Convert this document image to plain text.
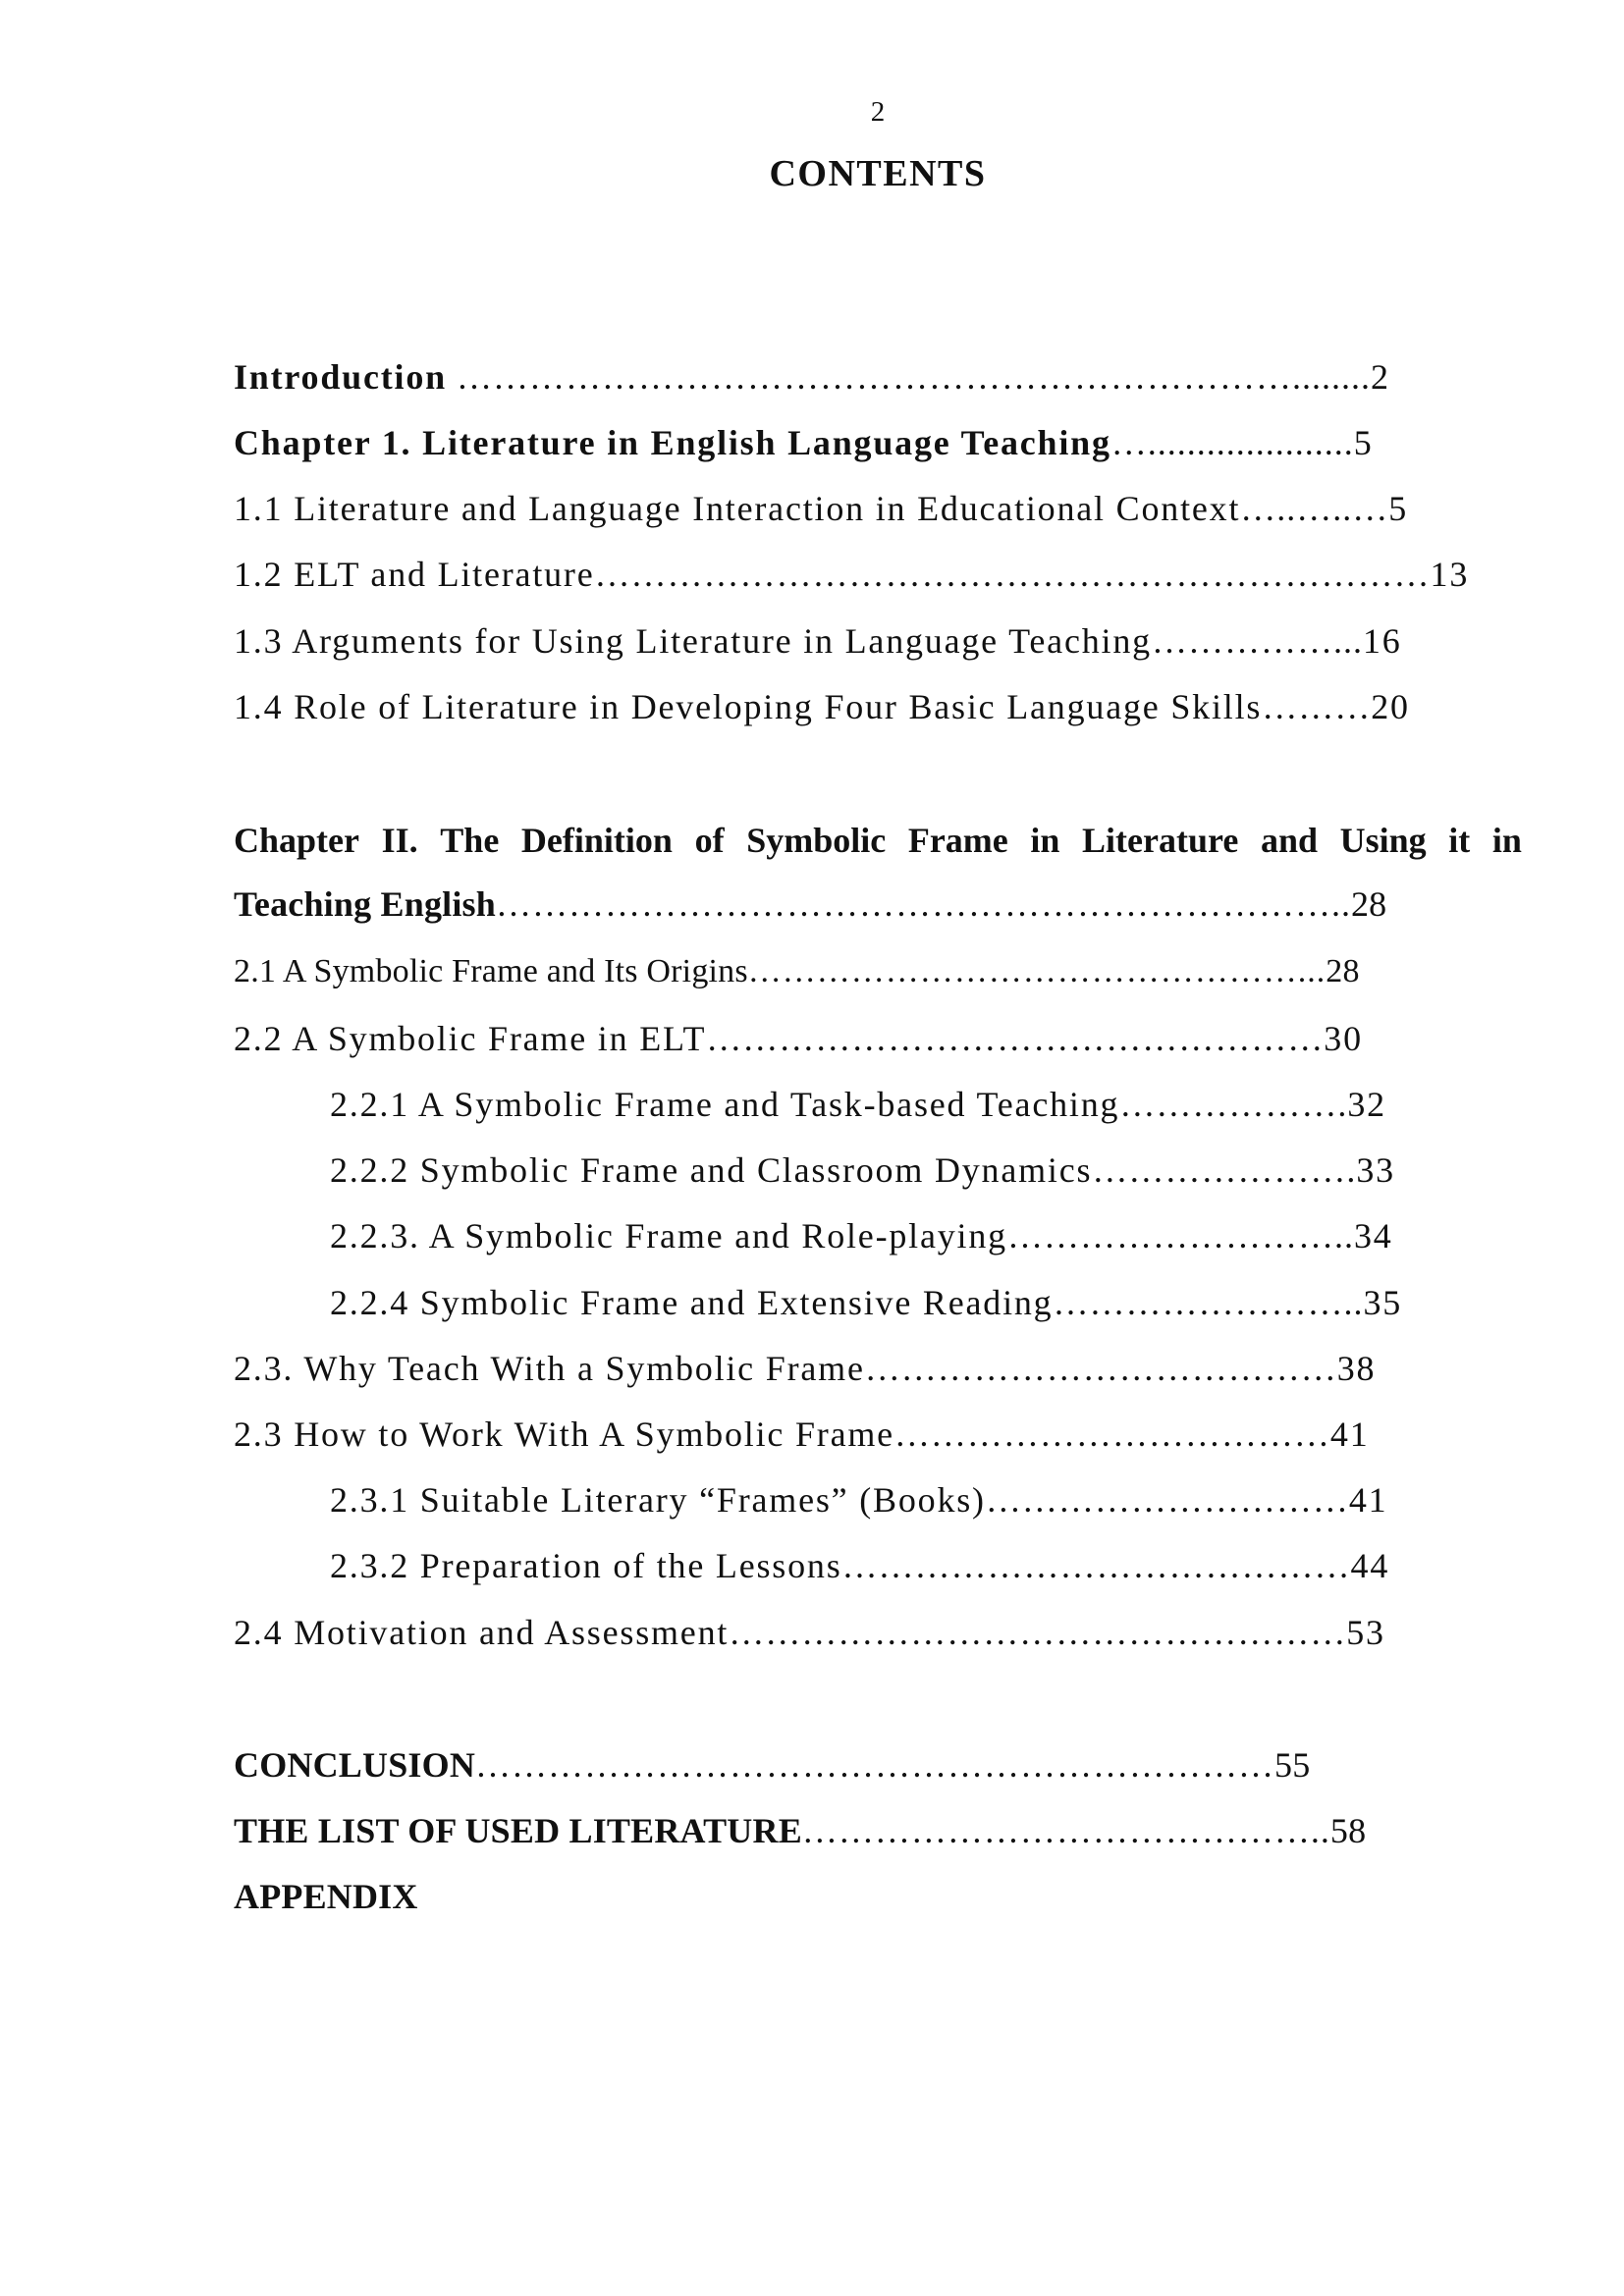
2
CONTENTS
Introduction ……………………………………………………………........2
Chapter 1. Literature in English Language Teaching….....................5
1.1 Literature and Language Interaction in Educational Context…..…..…5
1.2 ELT and Literature……………………………………………………………13
1.3 Arguments for Using Literature in Language Teaching……………...16
1.4 Role of Literature in Developing Four Basic Language Skills………20
Chapter II. The Definition of Symbolic Frame in Literature and Using it in
Teaching English……………………………………………………………..28
2.1 A Symbolic Frame and Its Origins…………………………………………...28
2.2 A Symbolic Frame in ELT……………………………………………30
2.2.1 A Symbolic Frame and Task-based Teaching……………….32
2.2.2 Symbolic Frame and Classroom Dynamics………………….33
2.2.3. A Symbolic Frame and Role-playing………………………..34
2.2.4 Symbolic Frame and Extensive Reading……………………..35
2.3. Why Teach With a Symbolic Frame…………………………………38
2.3 How to Work With A Symbolic Frame………………………………41
2.3.1 Suitable Literary “Frames” (Books)…………………………41
2.3.2 Preparation of the Lessons……………………………………44
2.4 Motivation and Assessment……………………………………………53
CONCLUSION…………………………………………………………55
THE LIST OF USED LITERATURE……………………………………..58
APPENDIX
